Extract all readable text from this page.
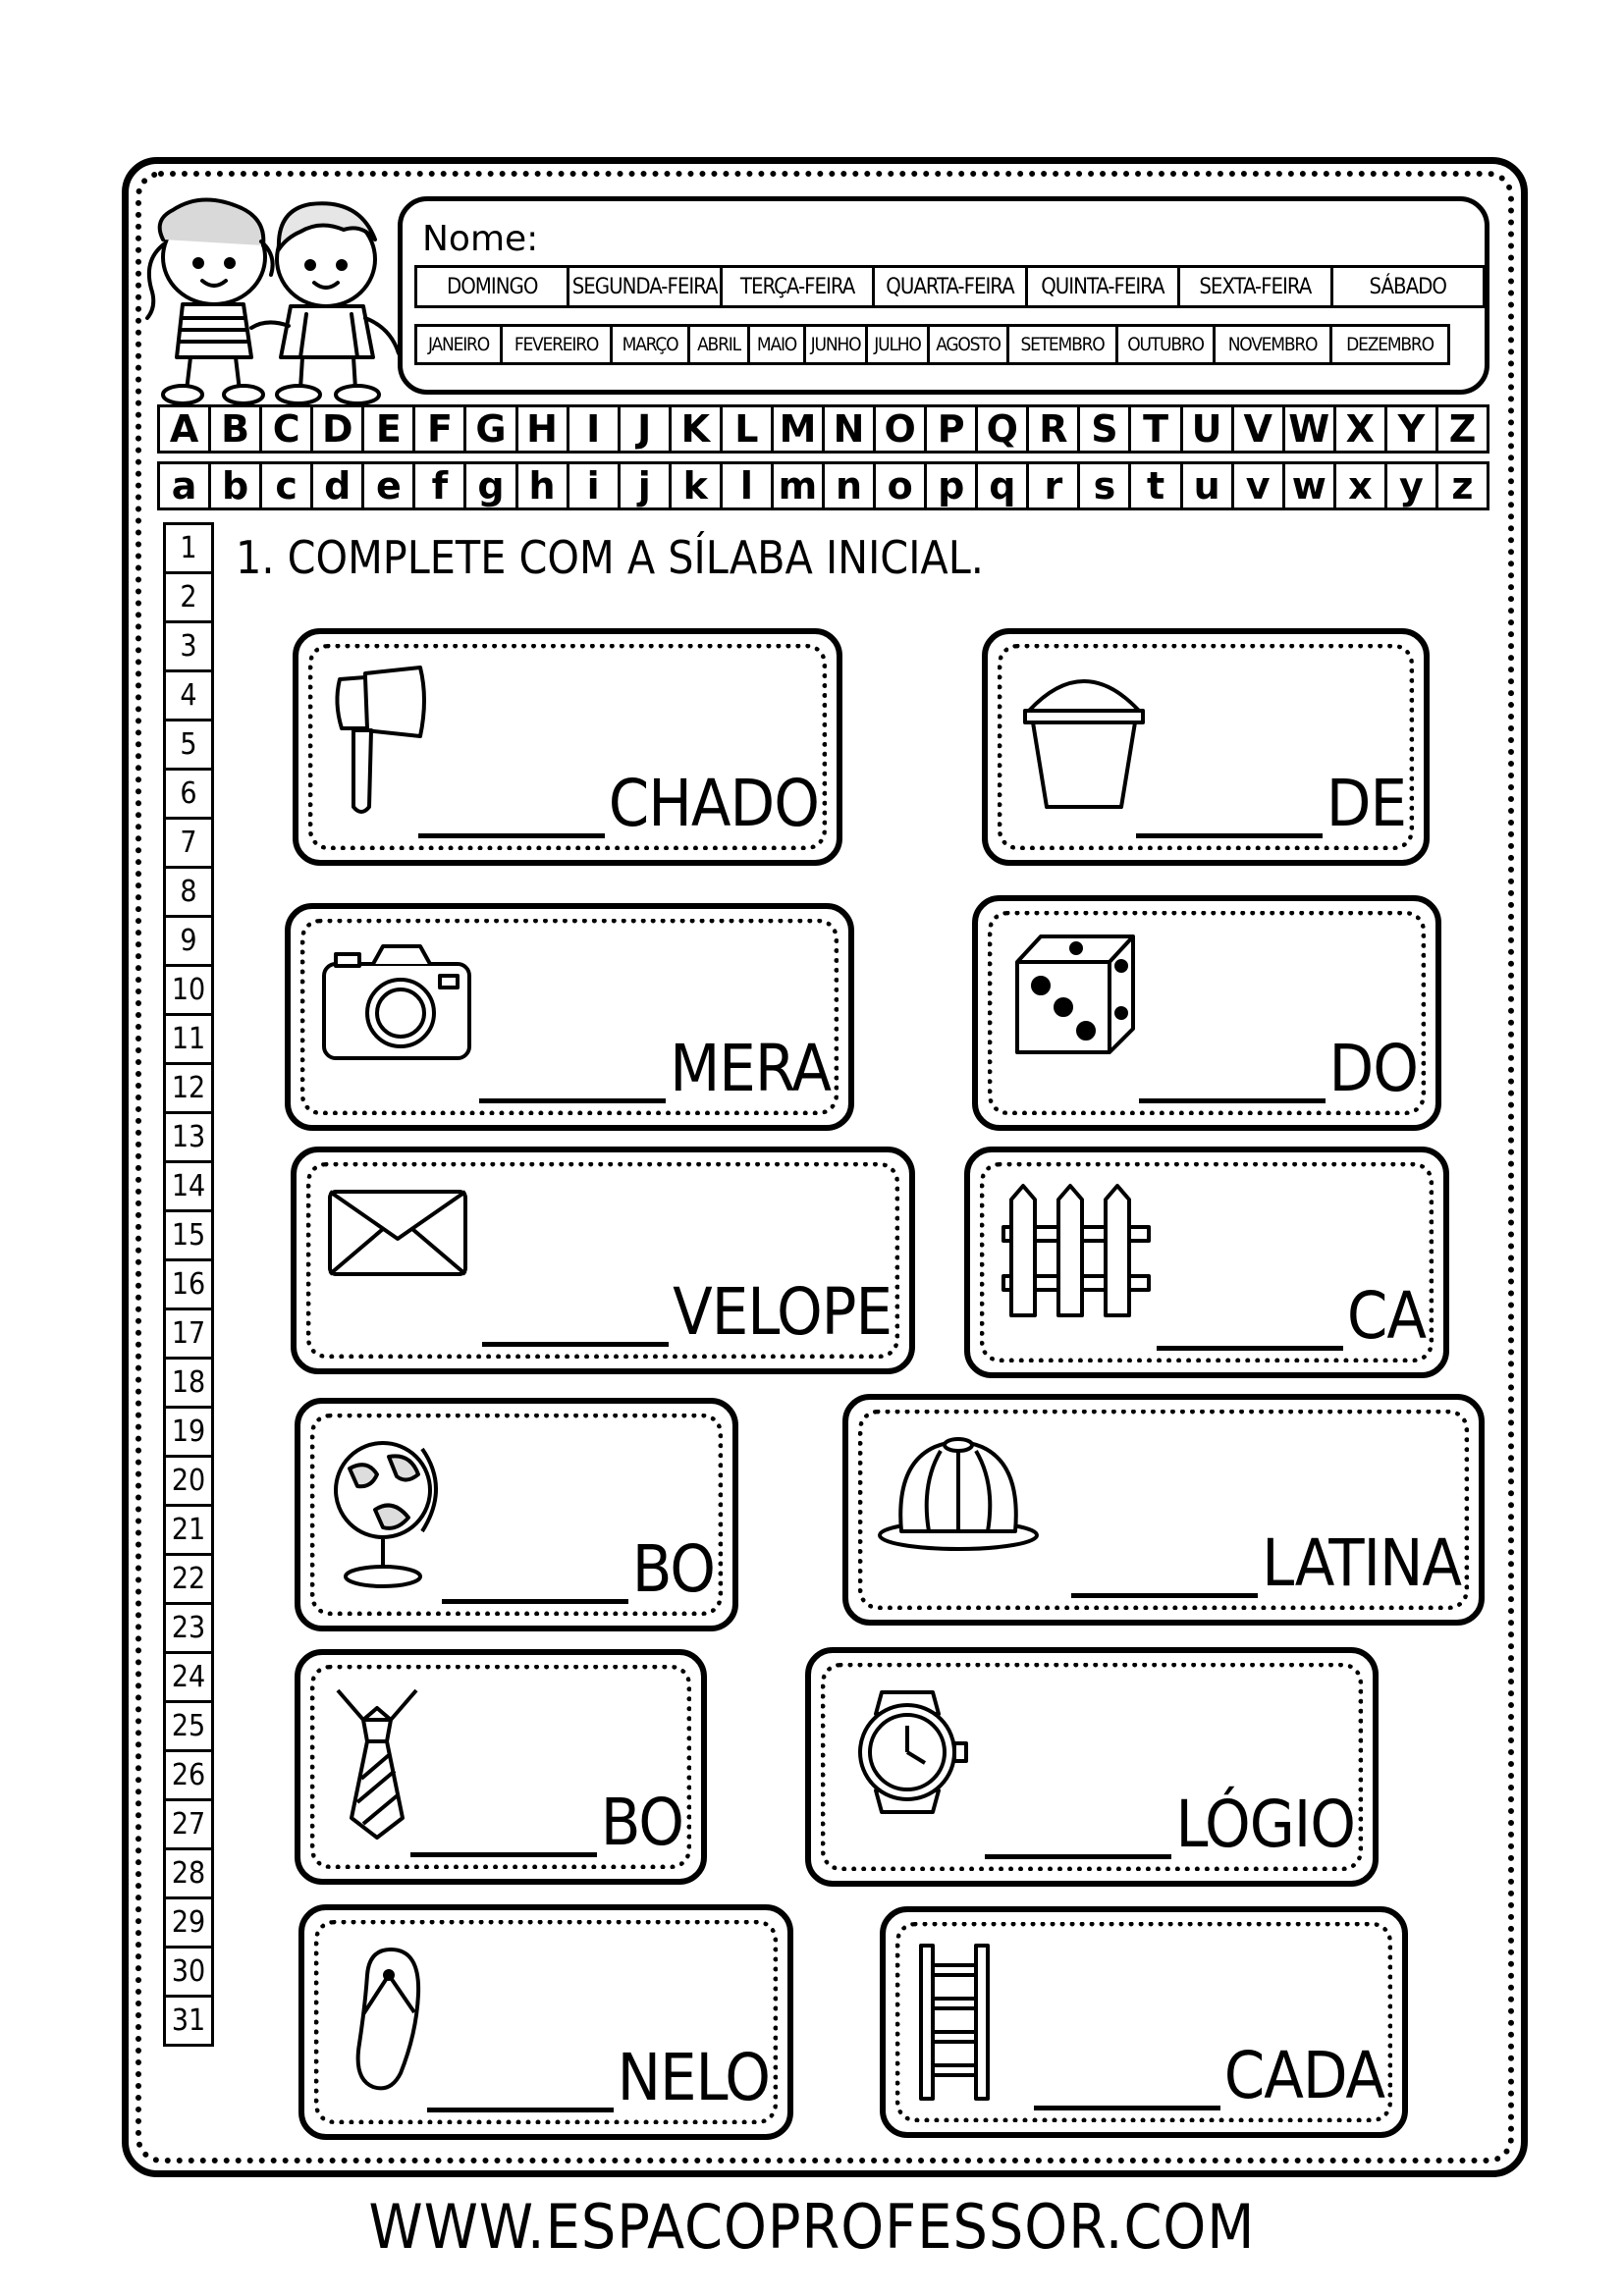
Nome:
DOMINGO	SEGUNDA-FEIRA	TERÇA-FEIRA	QUARTA-FEIRA	QUINTA-FEIRA	SEXTA-FEIRA	SÁBADO
JANEIRO	FEVEREIRO	MARÇO	ABRIL MAIO JUNHO JULHO AGOSTO	SETEMBRO	OUTUBRO	NOVEMBRO	DEZEMBRO
A B C D E F G H I J K L M N O P Q R S T U V W X Y Z
a b c d e f g h i	j k l m n o p q r s t u v w x y z
1
2
3
4
5
6
7
8
9
10
11
12
13
14
15
16
17
18
19
20
21
22
23
24
25
26
27
28
29
30
31
1. COMPLETE COM A SÍLABA INICIAL.
CHADO	DE
MERA	DO
VELOPE	CA
BO	LATINA
BO	LÓGIO
NELO	CADA
WWW.ESPACOPROFESSOR.COM
